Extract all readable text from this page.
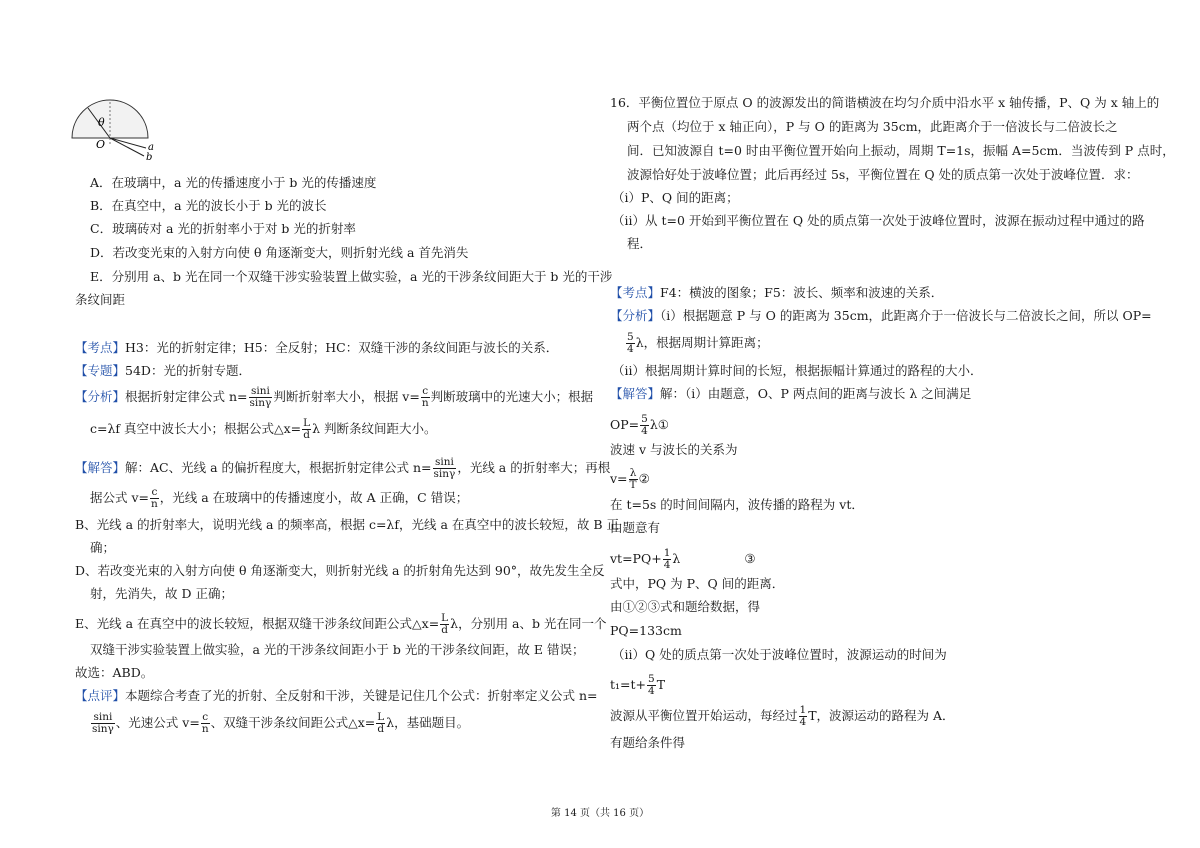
θ
O	a
b
A．在玻璃中，a 光的传播速度小于 b 光的传播速度
B．在真空中，a 光的波长小于 b 光的波长
C．玻璃砖对 a 光的折射率小于对 b 光的折射率
D．若改变光束的入射方向使 θ 角逐渐变大，则折射光线 a 首先消失
E．分别用 a、b 光在同一个双缝干涉实验装置上做实验，a 光的干涉条纹间距大于 b 光的干涉
条纹间距
【考点】H3：光的折射定律；H5：全反射；HC：双缝干涉的条纹间距与波长的关系．
【专题】54D：光的折射专题．
【分析】根据折射定律公式 $n= \frac{\sin i}{\sin\gamma}$ 判断折射率大小，根据 $v= \frac{c}{n}$ 判断玻璃中的光速大小；根据
c=λf 真空中波长大小；根据公式△x= $\frac{L}{d}$ λ 判断条纹间距大小。
【解答】解：AC、光线 a 的偏折程度大，根据折射定律公式 $n= \frac{\sin i}{\sin\gamma}$ ，光线 a 的折射率大；再根
据公式 $v= \frac{c}{n}$ ，光线 a 在玻璃中的传播速度小，故 A 正确，C 错误；
B、光线 a 的折射率大，说明光线 a 的频率高，根据 c=λf，光线 a 在真空中的波长较短，故 B 正
确；
D、若改变光束的入射方向使 θ 角逐渐变大，则折射光线 a 的折射角先达到 90°，故先发生全反
射，先消失，故 D 正确；
E、光线 a 在真空中的波长较短，根据双缝干涉条纹间距公式△x= $\frac{L}{d}$ λ，分别用 a、b 光在同一个
双缝干涉实验装置上做实验，a 光的干涉条纹间距小于 b 光的干涉条纹间距，故 E 错误；
故选：ABD。
【点评】本题综合考查了光的折射、全反射和干涉，关键是记住几个公式：折射率定义公式 n=
$\frac{\sin i}{\sin\gamma}$ 、光速公式 $v= \frac{c}{n}$ 、双缝干涉条纹间距公式△x= $\frac{L}{d}$ λ，基础题目。
16．平衡位置位于原点 O 的波源发出的简谐横波在均匀介质中沿水平 x 轴传播，P、Q 为 x 轴上的
两个点（均位于 x 轴正向），P 与 O 的距离为 35cm，此距离介于一倍波长与二倍波长之
间．已知波源自 t=0 时由平衡位置开始向上振动，周期 T=1s，振幅 A=5cm．当波传到 P 点时，
波源恰好处于波峰位置；此后再经过 5s，平衡位置在 Q 处的质点第一次处于波峰位置．求：
（i）P、Q 间的距离；
（ii）从 t=0 开始到平衡位置在 Q 处的质点第一次处于波峰位置时，波源在振动过程中通过的路
程．
【考点】F4：横波的图象；F5：波长、频率和波速的关系．
【分析】（i）根据题意 P 与 O 的距离为 35cm，此距离介于一倍波长与二倍波长之间，所以 OP=
$\frac{5}{4}$ λ，根据周期计算距离；
（ii）根据周期计算时间的长短，根据振幅计算通过的路程的大小．
【解答】解：（i）由题意，O、P 两点间的距离与波长 λ 之间满足
$OP= \frac{5}{4}$ λ①
波速 v 与波长的关系为
$v= \frac{\lambda}{T}$ ②
在 t=5s 的时间间隔内，波传播的路程为 vt．
由题意有
$vt=PQ+ \frac{1}{4}$ λ	③
式中，PQ 为 P、Q 间的距离．
由①②③式和题给数据，得
PQ=133cm
（ii）Q 处的质点第一次处于波峰位置时，波源运动的时间为
$t_1=t+ \frac{5}{4}$ T
波源从平衡位置开始运动，每经过 $\frac{1}{4}$ T，波源运动的路程为 A．
有题给条件得
第 14 页（共 16 页）
